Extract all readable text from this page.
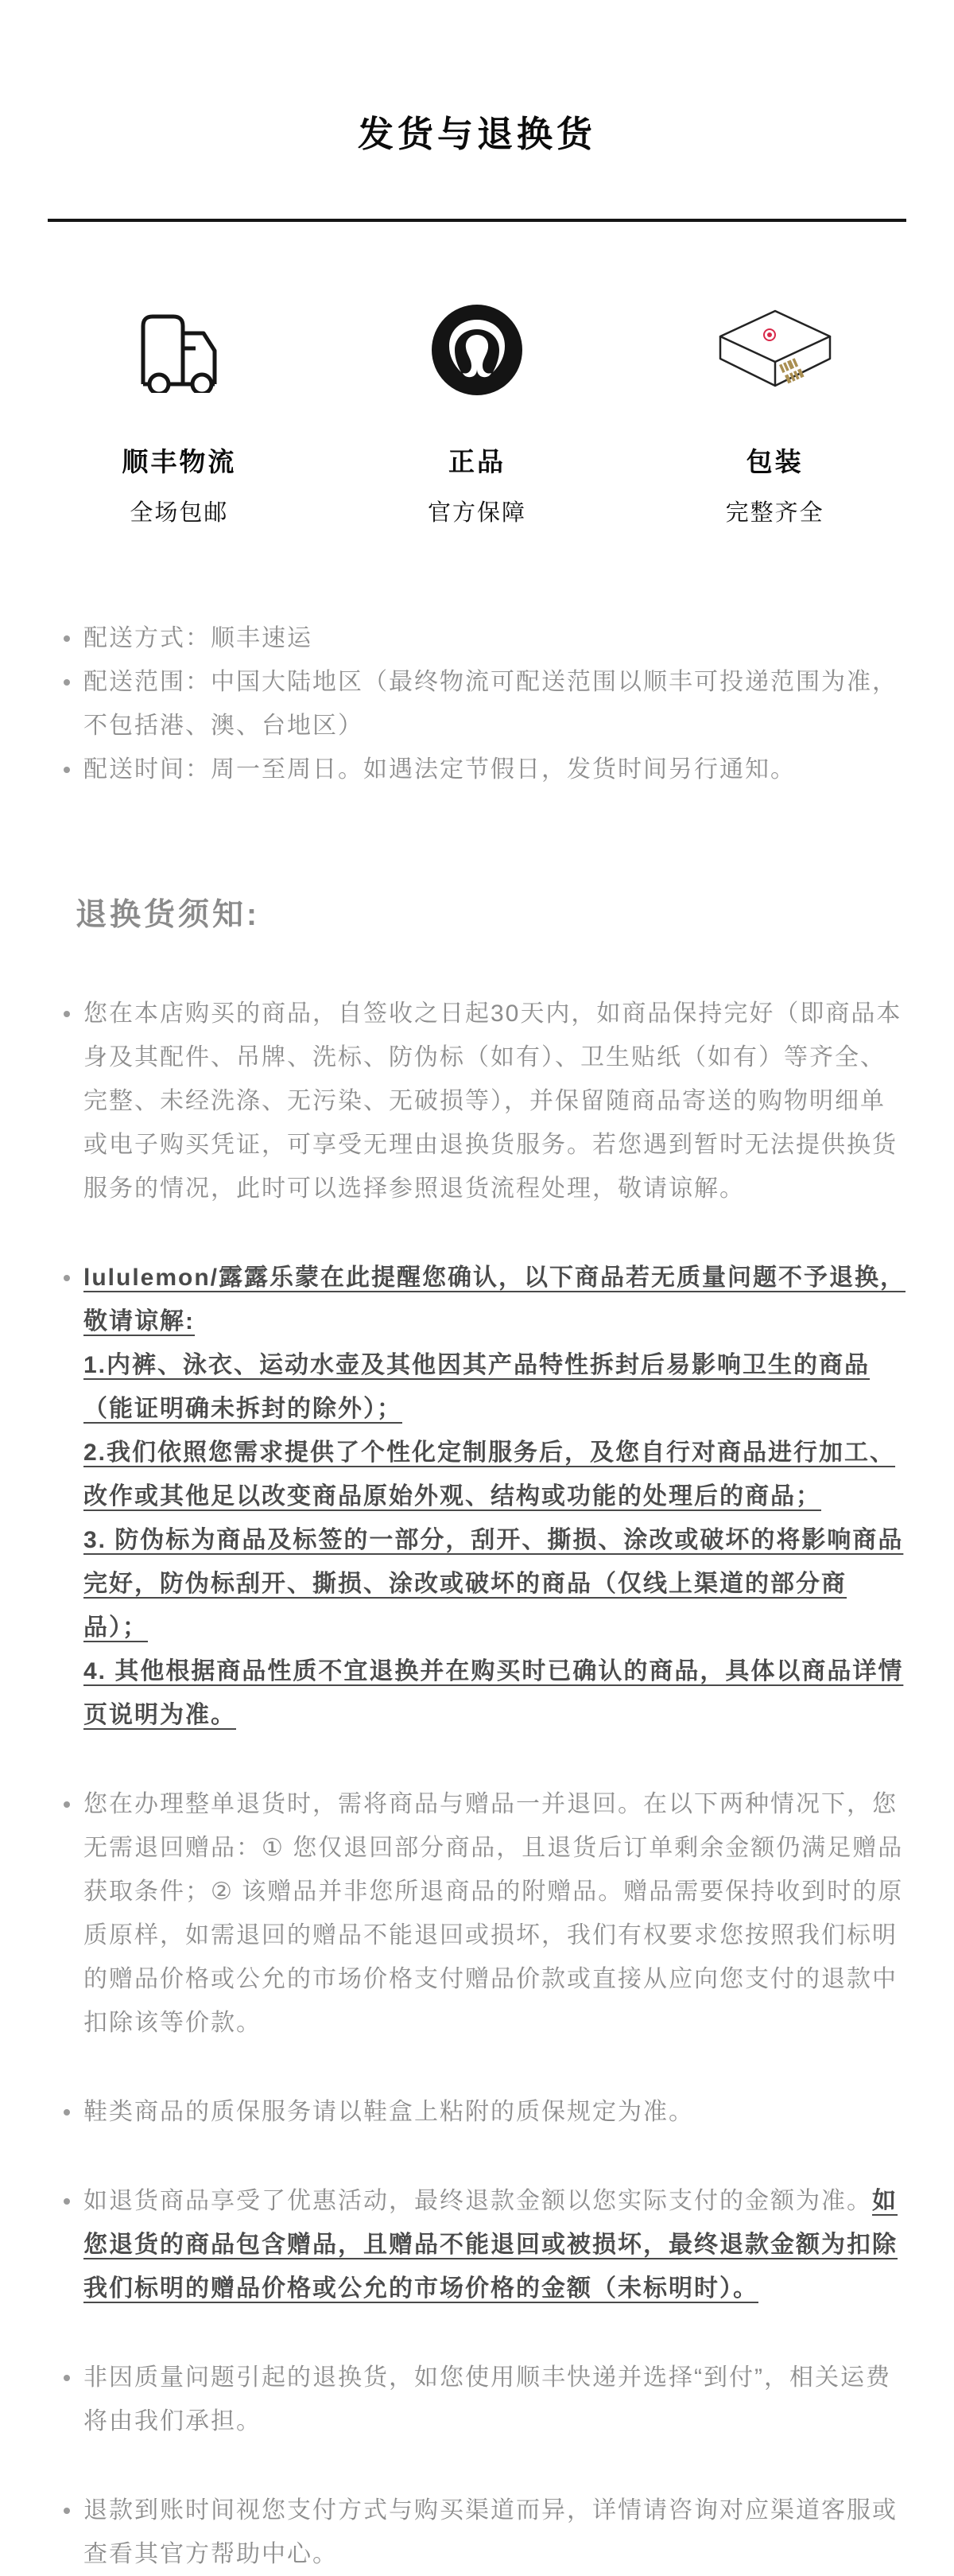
发货与退换货
顺丰物流
全场包邮
正品
官方保障
包装
完整齐全
配送方式：顺丰速运
配送范围：中国大陆地区（最终物流可配送范围以顺丰可投递范围为准，不包括港、澳、台地区）
配送时间：周一至周日。如遇法定节假日，发货时间另行通知。
退换货须知:
您在本店购买的商品，自签收之日起30天内，如商品保持完好（即商品本身及其配件、吊牌、洗标、防伪标（如有）、卫生贴纸（如有）等齐全、完整、未经洗涤、无污染、无破损等），并保留随商品寄送的购物明细单或电子购买凭证，可享受无理由退换货服务。若您遇到暂时无法提供换货服务的情况，此时可以选择参照退货流程处理，敬请谅解。
lululemon/露露乐蒙在此提醒您确认，以下商品若无质量问题不予退换，敬请谅解:
1.内裤、泳衣、运动水壶及其他因其产品特性拆封后易影响卫生的商品（能证明确未拆封的除外）；
2.我们依照您需求提供了个性化定制服务后，及您自行对商品进行加工、改作或其他足以改变商品原始外观、结构或功能的处理后的商品；
3. 防伪标为商品及标签的一部分，刮开、撕损、涂改或破坏的将影响商品完好，防伪标刮开、撕损、涂改或破坏的商品（仅线上渠道的部分商品）；
4. 其他根据商品性质不宜退换并在购买时已确认的商品，具体以商品详情页说明为准。
您在办理整单退货时，需将商品与赠品一并退回。在以下两种情况下，您无需退回赠品：① 您仅退回部分商品，且退货后订单剩余金额仍满足赠品获取条件；② 该赠品并非您所退商品的附赠品。赠品需要保持收到时的原质原样，如需退回的赠品不能退回或损坏，我们有权要求您按照我们标明的赠品价格或公允的市场价格支付赠品价款或直接从应向您支付的退款中扣除该等价款。
鞋类商品的质保服务请以鞋盒上粘附的质保规定为准。
如退货商品享受了优惠活动，最终退款金额以您实际支付的金额为准。如您退货的商品包含赠品，且赠品不能退回或被损坏，最终退款金额为扣除我们标明的赠品价格或公允的市场价格的金额（未标明时）。
非因质量问题引起的退换货，如您使用顺丰快递并选择“到付”，相关运费将由我们承担。
退款到账时间视您支付方式与购买渠道而异，详情请咨询对应渠道客服或查看其官方帮助中心。
